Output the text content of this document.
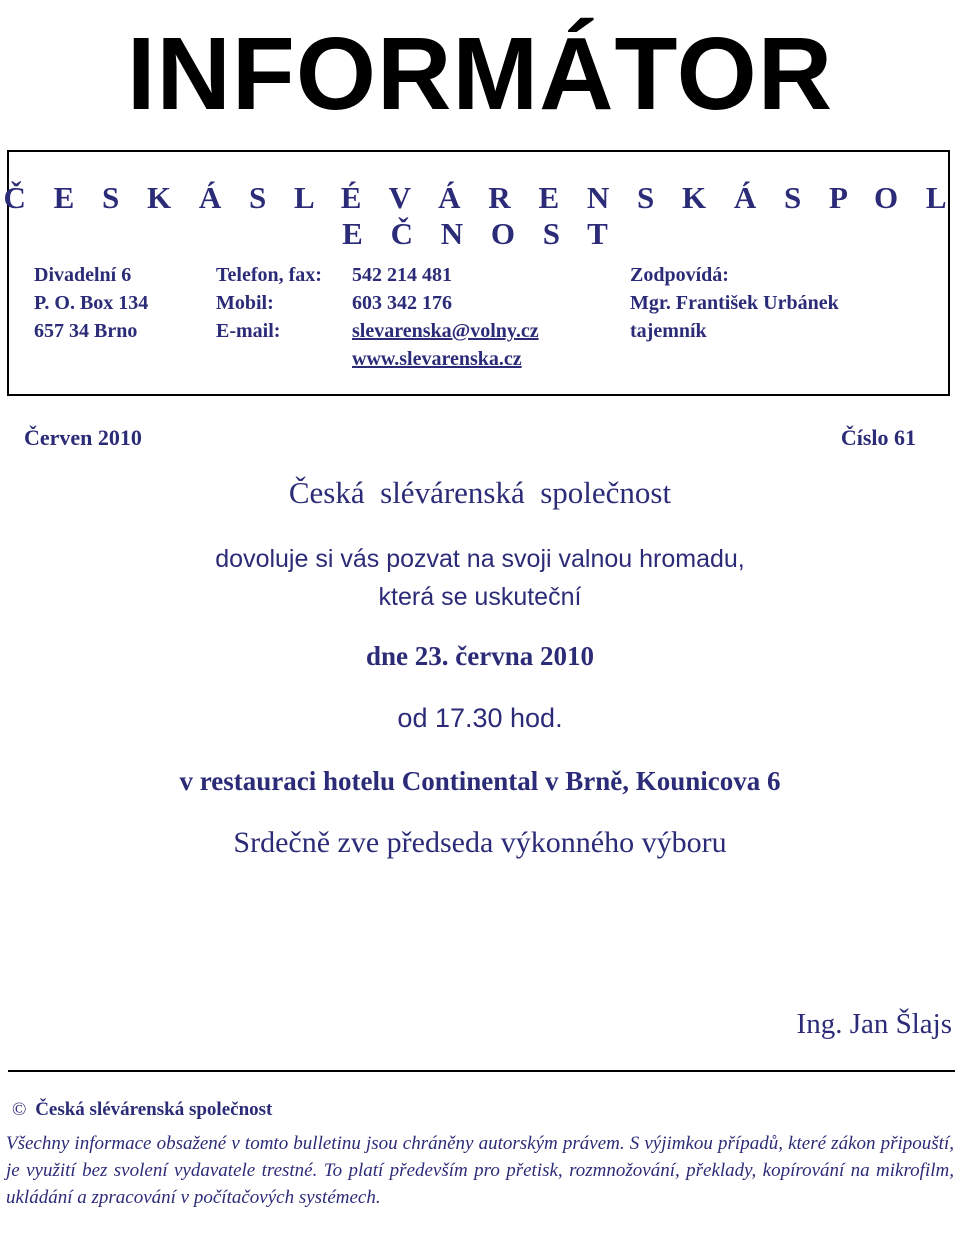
INFORMÁTOR
Č E S K Á S L É V Á R E N S K Á S P O L E Č N O S T
Divadelní 6
P. O. Box 134
657 34 Brno
Telefon, fax:
Mobil:
E-mail:
542 214 481
603 342 176
slevarenska@volny.cz
www.slevarenska.cz
Zodpovídá:
Mgr. František Urbánek
tajemník
Červen 2010	Číslo 61
Česká  slévárenská  společnost
dovoluje si vás pozvat na svoji valnou hromadu,
která se uskuteční
dne 23. června 2010
od 17.30 hod.
v restauraci hotelu Continental v Brně, Kounicova 6
Srdečně zve předseda výkonného výboru
Ing. Jan Šlajs
© Česká slévárenská společnost
Všechny informace obsažené v tomto bulletinu jsou chráněny autorským právem. S výjimkou případů, které zákon připouští, je využití bez svolení vydavatele trestné. To platí především pro přetisk, rozmnožování, překlady, kopírování na mikrofilm, ukládání a zpracování v počítačových systémech.
